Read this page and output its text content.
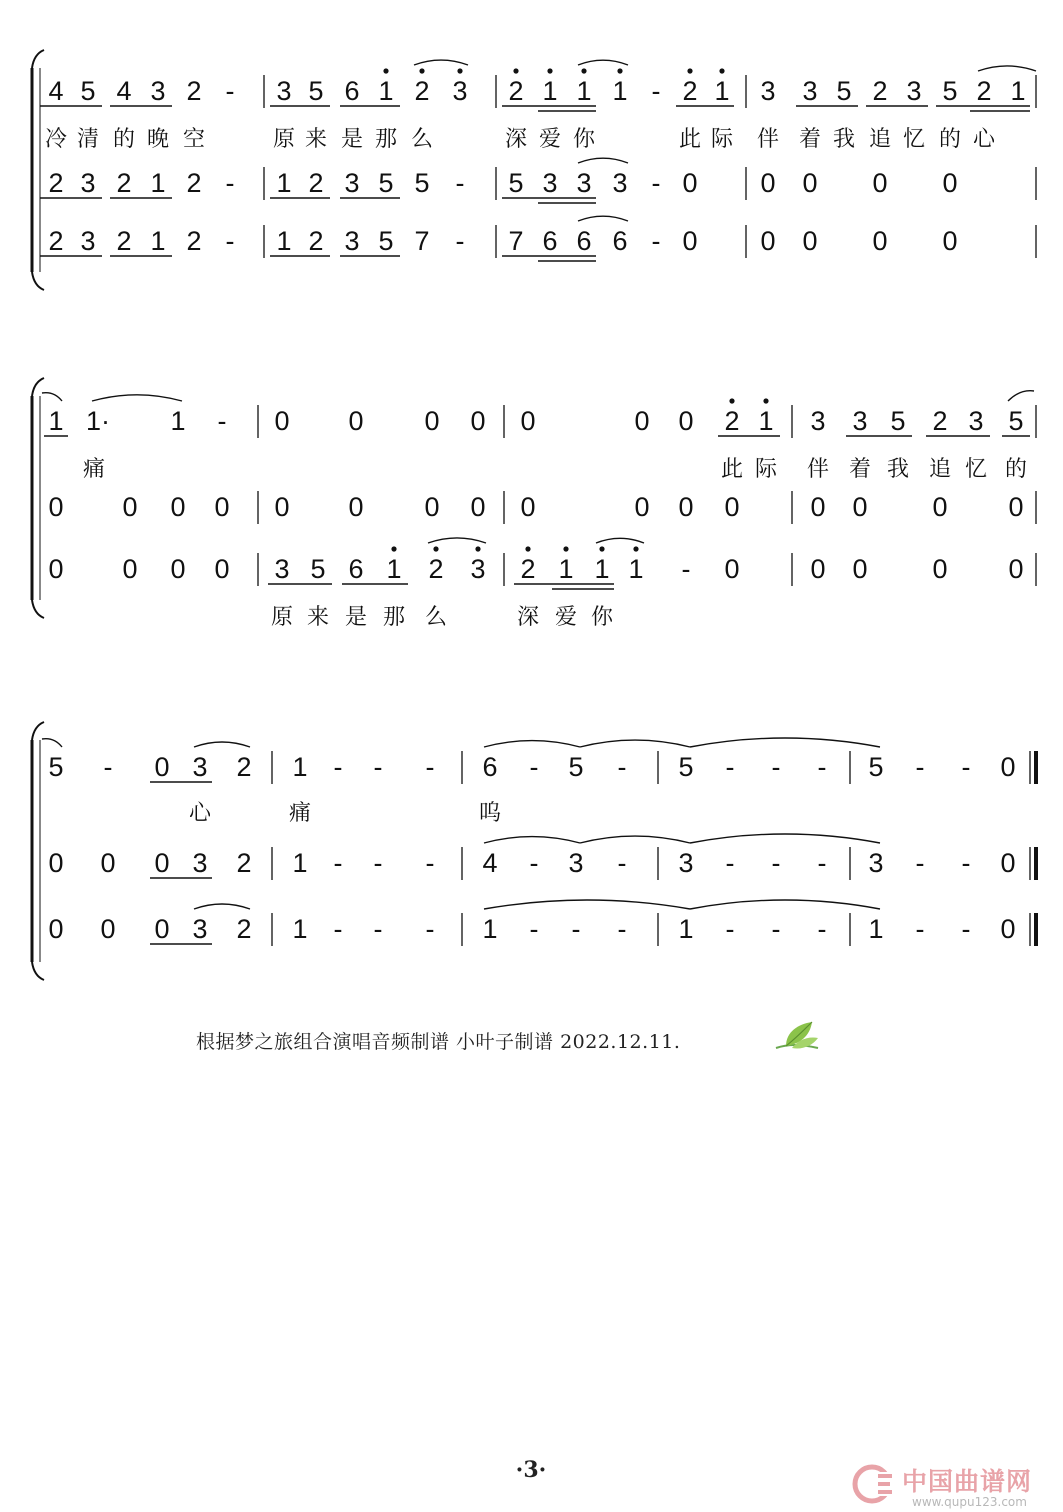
4 5 4 3 2 - 3 5 6 1 2 3 2 1 1 1 - 2 1 3 3 5 2 3 5 2 1
冷 清 的 晚 空	原 来 是 那 么	深 爱 你	此 际 伴 着 我 追 忆 的 心
2 3 2 1 2 - 1 2 3 5 5 - 5 3 3 3 - 0 0 0 0 0
2 3 2 1 2 - 1 2 3 5 7 - 7 6 6 6 - 0 0 0 0 0
1 1· 1 - 0 0 0 0 0	0 0 2 1 3 3 5 2 3 5
痛	此 际 伴 着 我 追 忆 的
0 0 0 0 0 0 0 0 0	0 0 0	0 0 0 0
0 0 0 0 3 5 6 1 2 3 2 1 1 1 - 0	0 0 0 0
原 来 是 那 么	深 爱 你
5 - 0 3 2 1 - - - 6 - 5 - 5 - - - 5 - - 0
心	痛	呜
0 0 0 3 2 1 - - - 4 - 3 - 3 - - - 3 - - 0
0 0 0 3 2 1 - - - 1 - - - 1 - - - 1 - - 0
根据梦之旅组合演唱音频制谱 小叶子制谱 2022.12.11.
·3·	中国曲谱网
www.qupu123.com
